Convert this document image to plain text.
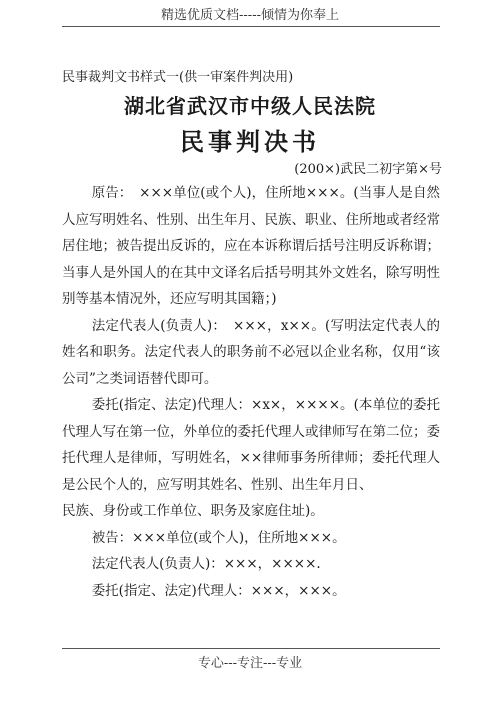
精选优质文档-----倾情为你奉上
民事裁判文书样式一(供一审案件判决用)
湖北省武汉市中级人民法院
民事判决书
(200×)武民二初字第×号

原告：　×××单位(或个人)，住所地×××。(当事人是自然人应写明姓名、性别、出生年月、民族、职业、住所地或者经常居住地；被告提出反诉的，应在本诉称谓后括号注明反诉称谓；当事人是外国人的在其中文译名后括号明其外文姓名，除写明性别等基本情况外，还应写明其国籍；)

法定代表人(负责人)：　×××，x××。(写明法定代表人的姓名和职务。法定代表人的职务前不必冠以企业名称，仅用“该公司”之类词语替代即可。

委托(指定、法定)代理人：×x×，××××。(本单位的委托代理人写在第一位，外单位的委托代理人或律师写在第二位；委托代理人是律师，写明姓名，××律师事务所律师；委托代理人是公民个人的，应写明其姓名、性别、出生年月日、

民族、身份或工作单位、职务及家庭住址)。

被告：×××单位(或个人)，住所地×××。

法定代表人(负责人)：×××，××××.

委托(指定、法定)代理人：×××，×××。

专心---专注---专业
